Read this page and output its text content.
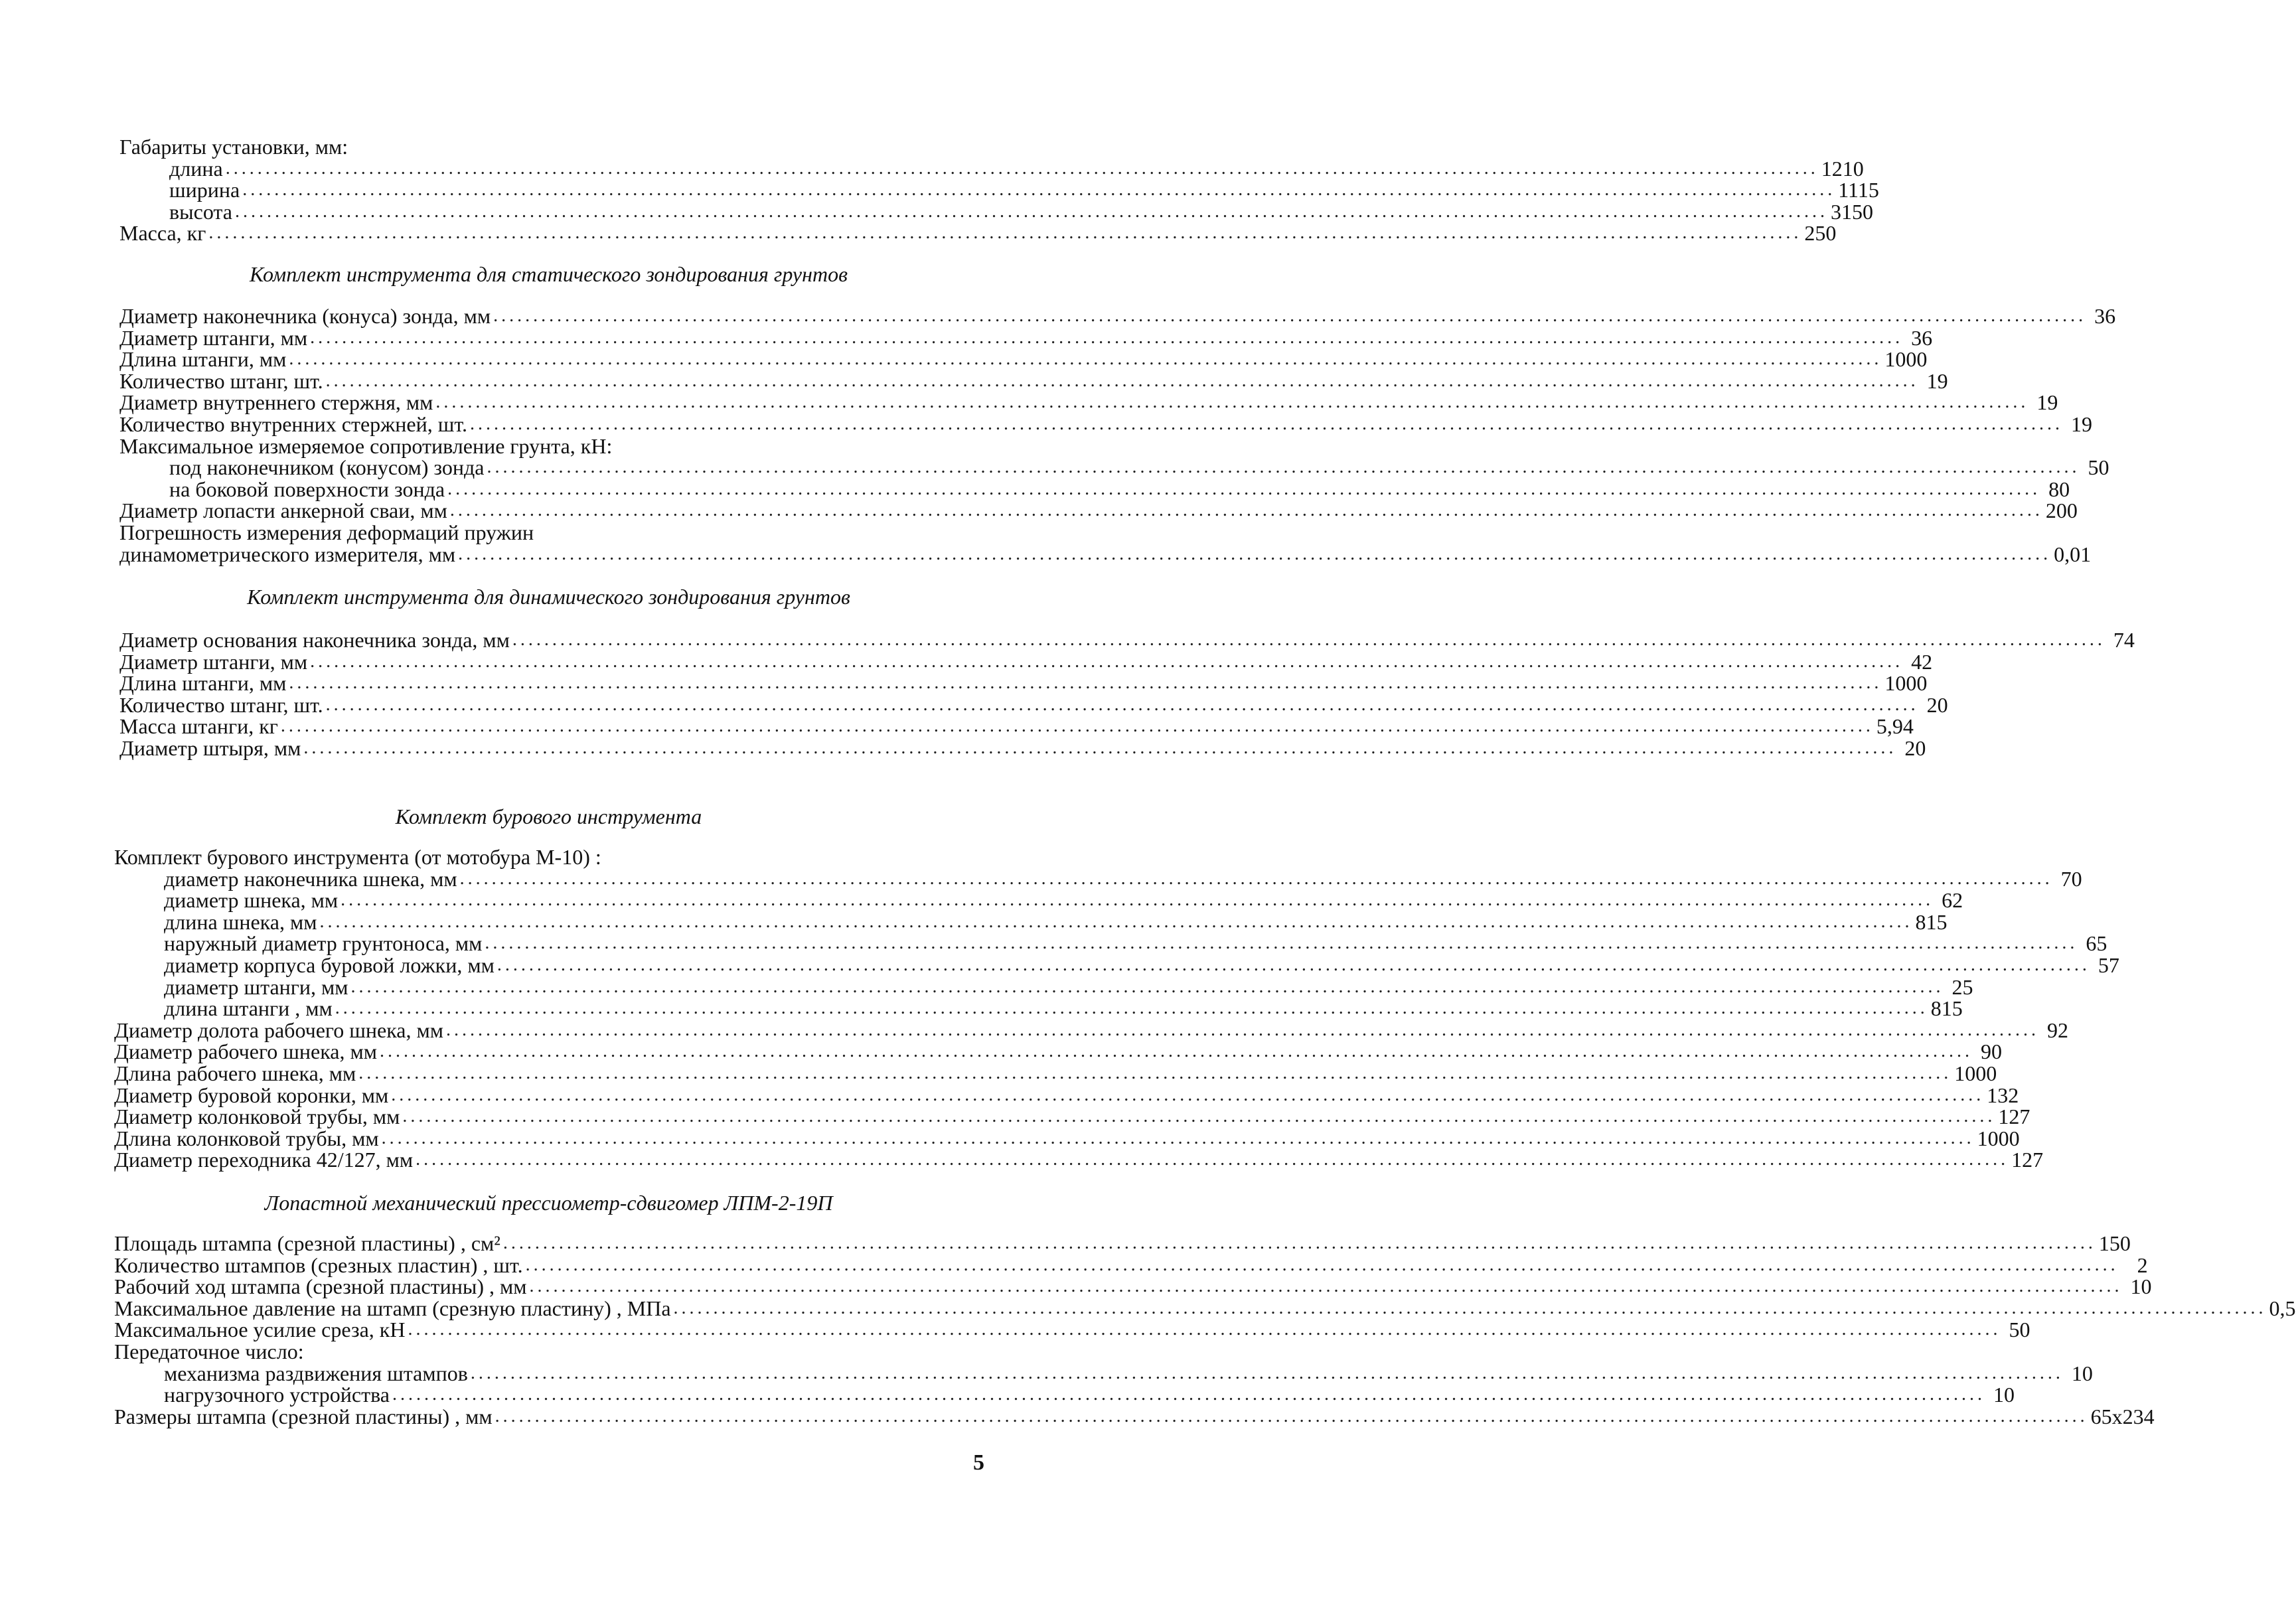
Габариты установки, мм:
длина ........................................................................................................................................................................................................ 1210
ширина ........................................................................................................................................................................................................ 1115
высота ........................................................................................................................................................................................................ 3150
Масса, кг ........................................................................................................................................................................................................ 250
Комплект инструмента для статического зондирования грунтов
Диаметр наконечника (конуса) зонда, мм ........................................................................................................................................................................................................ 36
Диаметр штанги, мм ........................................................................................................................................................................................................ 36
Длина штанги, мм ........................................................................................................................................................................................................ 1000
Количество штанг, шт. ........................................................................................................................................................................................................ 19
Диаметр внутреннего стержня, мм ........................................................................................................................................................................................................ 19
Количество внутренних стержней, шт. ........................................................................................................................................................................................................ 19
Максимальное измеряемое сопротивление грунта, кН:
под наконечником (конусом) зонда ........................................................................................................................................................................................................ 50
на боковой поверхности зонда ........................................................................................................................................................................................................ 80
Диаметр лопасти анкерной сваи, мм ........................................................................................................................................................................................................ 200
Погрешность измерения деформаций пружин
динамометрического измерителя, мм ........................................................................................................................................................................................................ 0,01
Комплект инструмента для динамического зондирования грунтов
Диаметр основания наконечника зонда, мм ........................................................................................................................................................................................................ 74
Диаметр штанги, мм ........................................................................................................................................................................................................ 42
Длина штанги, мм ........................................................................................................................................................................................................ 1000
Количество штанг, шт. ........................................................................................................................................................................................................ 20
Масса штанги, кг ........................................................................................................................................................................................................ 5,94
Диаметр штыря, мм ........................................................................................................................................................................................................ 20
Комплект бурового инструмента
Комплект бурового инструмента (от мотобура М-10) :
диаметр наконечника шнека, мм ........................................................................................................................................................................................................ 70
диаметр шнека, мм ........................................................................................................................................................................................................ 62
длина шнека, мм ........................................................................................................................................................................................................ 815
наружный диаметр грунтоноса, мм ........................................................................................................................................................................................................ 65
диаметр корпуса буровой ложки, мм ........................................................................................................................................................................................................ 57
диаметр штанги, мм ........................................................................................................................................................................................................ 25
длина штанги , мм ........................................................................................................................................................................................................ 815
Диаметр долота рабочего шнека, мм ........................................................................................................................................................................................................ 92
Диаметр рабочего шнека, мм ........................................................................................................................................................................................................ 90
Длина рабочего шнека, мм ........................................................................................................................................................................................................ 1000
Диаметр буровой коронки, мм ........................................................................................................................................................................................................ 132
Диаметр колонковой трубы, мм ........................................................................................................................................................................................................ 127
Длина колонковой трубы, мм ........................................................................................................................................................................................................ 1000
Диаметр переходника 42/127, мм ........................................................................................................................................................................................................ 127
Лопастной механический прессиометр-сдвигомер ЛПМ-2-19П
Площадь штампа (срезной пластины) , см² ........................................................................................................................................................................................................ 150
Количество штампов (срезных пластин) , шт. ........................................................................................................................................................................................................ 2
Рабочий ход штампа (срезной пластины) , мм ........................................................................................................................................................................................................ 10
Максимальное давление на штамп (срезную пластину) , МПа ........................................................................................................................................................................................................ 0,5
Максимальное усилие среза, кН ........................................................................................................................................................................................................ 50
Передаточное число:
механизма раздвижения штампов ........................................................................................................................................................................................................ 10
нагрузочного устройства ........................................................................................................................................................................................................ 10
Размеры штампа (срезной пластины) , мм ........................................................................................................................................................................................................ 65x234
5
